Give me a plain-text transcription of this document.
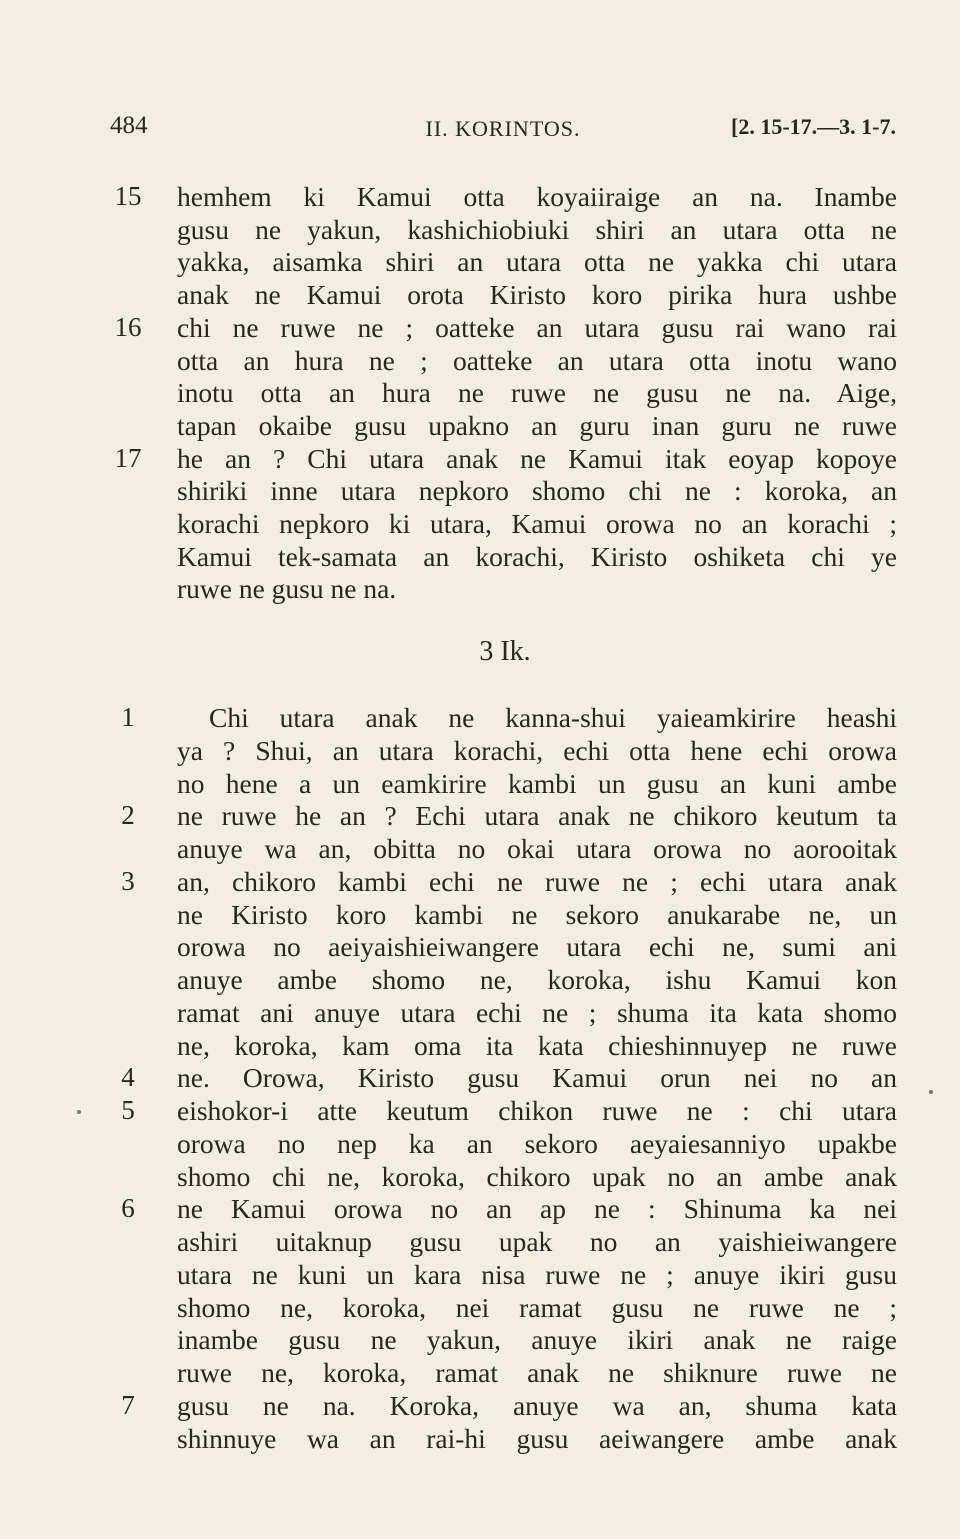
484	II. KORINTOS.	[2. 15-17.—3. 1-7.
hemhem ki Kamui otta koyaiiraige an na. Inambe
gusu ne yakun, kashichiobiuki shiri an utara otta ne
yakka, aisamka shiri an utara otta ne yakka chi utara
anak ne Kamui orota Kiristo koro pirika hura ushbe
chi ne ruwe ne ; oatteke an utara gusu rai wano rai
otta an hura ne ; oatteke an utara otta inotu wano
inotu otta an hura ne ruwe ne gusu ne na. Aige,
tapan okaibe gusu upakno an guru inan guru ne ruwe
he an ? Chi utara anak ne Kamui itak eoyap kopoye
shiriki inne utara nepkoro shomo chi ne : koroka, an
korachi nepkoro ki utara, Kamui orowa no an korachi ;
Kamui tek-samata an korachi, Kiristo oshiketa chi ye
ruwe ne gusu ne na.
15
16
17
3 Ik.
Chi utara anak ne kanna-shui yaieamkirire heashi
ya ? Shui, an utara korachi, echi otta hene echi orowa
no hene a un eamkirire kambi un gusu an kuni ambe
ne ruwe he an ? Echi utara anak ne chikoro keutum ta
anuye wa an, obitta no okai utara orowa no aorooitak
an, chikoro kambi echi ne ruwe ne ; echi utara anak
ne Kiristo koro kambi ne sekoro anukarabe ne, un
orowa no aeiyaishieiwangere utara echi ne, sumi ani
anuye ambe shomo ne, koroka, ishu Kamui kon
ramat ani anuye utara echi ne ; shuma ita kata shomo
ne, koroka, kam oma ita kata chieshinnuyep ne ruwe
ne. Orowa, Kiristo gusu Kamui orun nei no an
eishokor-i atte keutum chikon ruwe ne : chi utara
orowa no nep ka an sekoro aeyaiesanniyo upakbe
shomo chi ne, koroka, chikoro upak no an ambe anak
ne Kamui orowa no an ap ne : Shinuma ka nei
ashiri uitaknup gusu upak no an yaishieiwangere
utara ne kuni un kara nisa ruwe ne ; anuye ikiri gusu
shomo ne, koroka, nei ramat gusu ne ruwe ne ;
inambe gusu ne yakun, anuye ikiri anak ne raige
ruwe ne, koroka, ramat anak ne shiknure ruwe ne
gusu ne na. Koroka, anuye wa an, shuma kata
shinnuye wa an rai-hi gusu aeiwangere ambe anak
1
2
3
4
5
6
7
